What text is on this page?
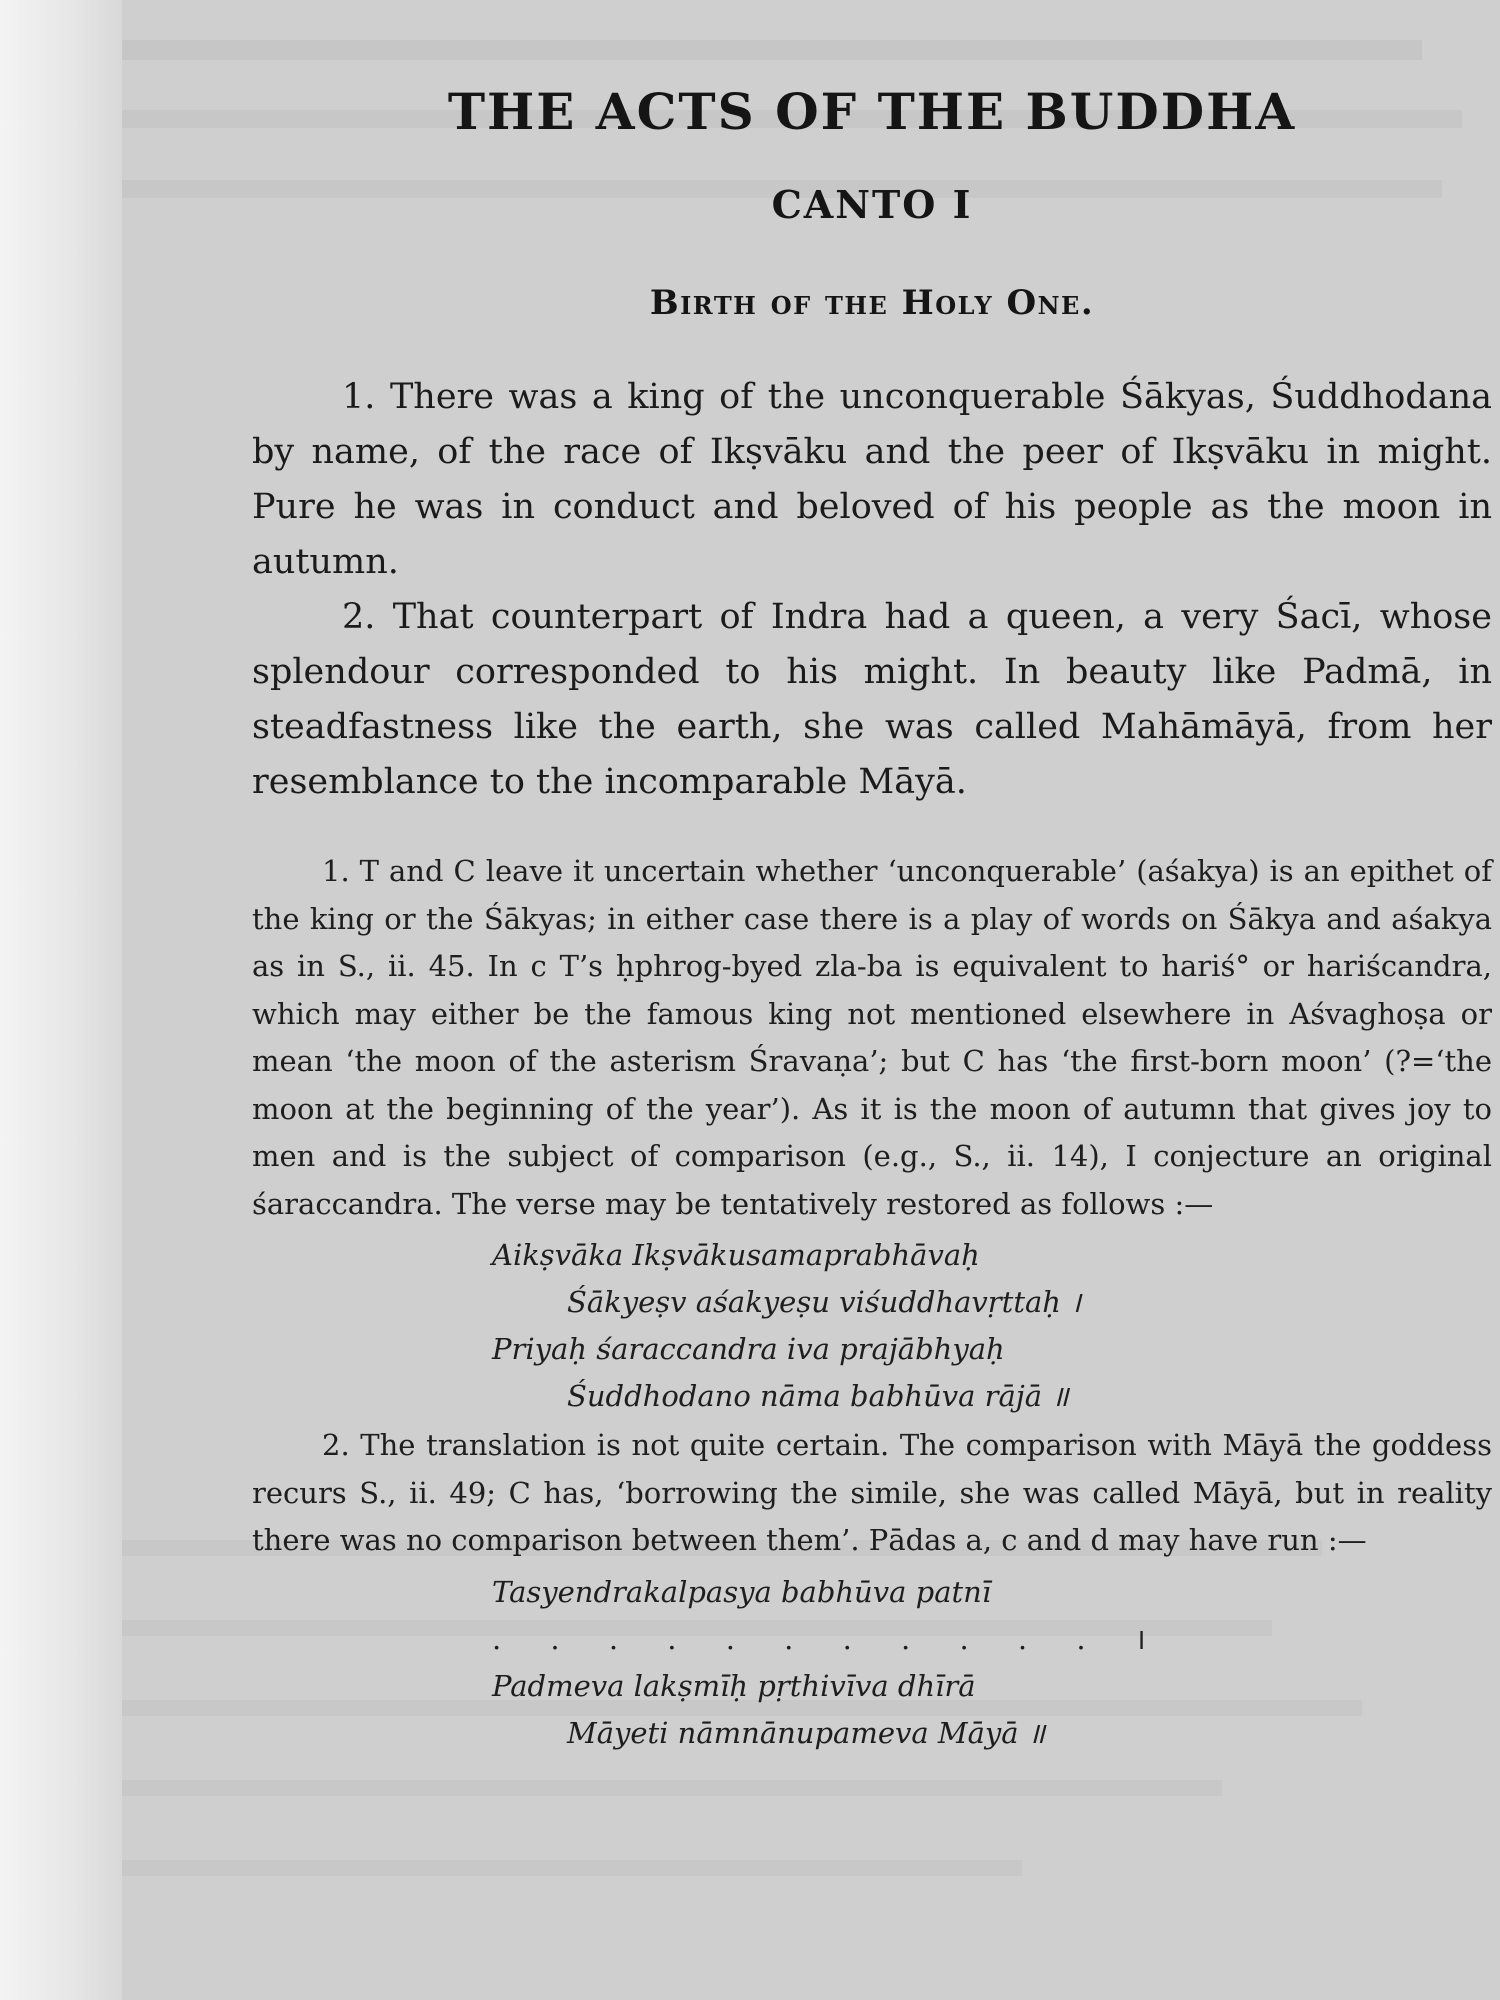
THE ACTS OF THE BUDDHA
CANTO I
Birth of the Holy One.

1. There was a king of the unconquerable Śākyas, Śuddhodana by name, of the race of Ikṣvāku and the peer of Ikṣvāku in might. Pure he was in conduct and beloved of his people as the moon in autumn.

2. That counterpart of Indra had a queen, a very Śacī, whose splendour corresponded to his might. In beauty like Padmā, in steadfastness like the earth, she was called Mahāmāyā, from her resemblance to the incomparable Māyā.

1. T and C leave it uncertain whether ‘unconquerable’ (aśakya) is an epithet of the king or the Śākyas; in either case there is a play of words on Śākya and aśakya as in S., ii. 45. In c T’s ḥphrog-byed zla-ba is equivalent to hariś° or hariścandra, which may either be the famous king not mentioned elsewhere in Aśvaghoṣa or mean ‘the moon of the asterism Śravaṇa’; but C has ‘the first-born moon’ (?=‘the moon at the beginning of the year’). As it is the moon of autumn that gives joy to men and is the subject of comparison (e.g., S., ii. 14), I conjecture an original śaraccandra. The verse may be tentatively restored as follows :—

Aikṣvāka Ikṣvākusamaprabhāvaḥ
Śākyeṣv aśakyeṣu viśuddhavṛttaḥ ।
Priyaḥ śaraccandra iva prajābhyaḥ
Śuddhodano nāma babhūva rājā ॥

2. The translation is not quite certain. The comparison with Māyā the goddess recurs S., ii. 49; C has, ‘borrowing the simile, she was called Māyā, but in reality there was no comparison between them’. Pādas a, c and d may have run :—

Tasyendrakalpasya babhūva patnī
. . . . . . . . . . . ।
Padmeva lakṣmīḥ pṛthivīva dhīrā
Māyeti nāmnānupameva Māyā ॥
